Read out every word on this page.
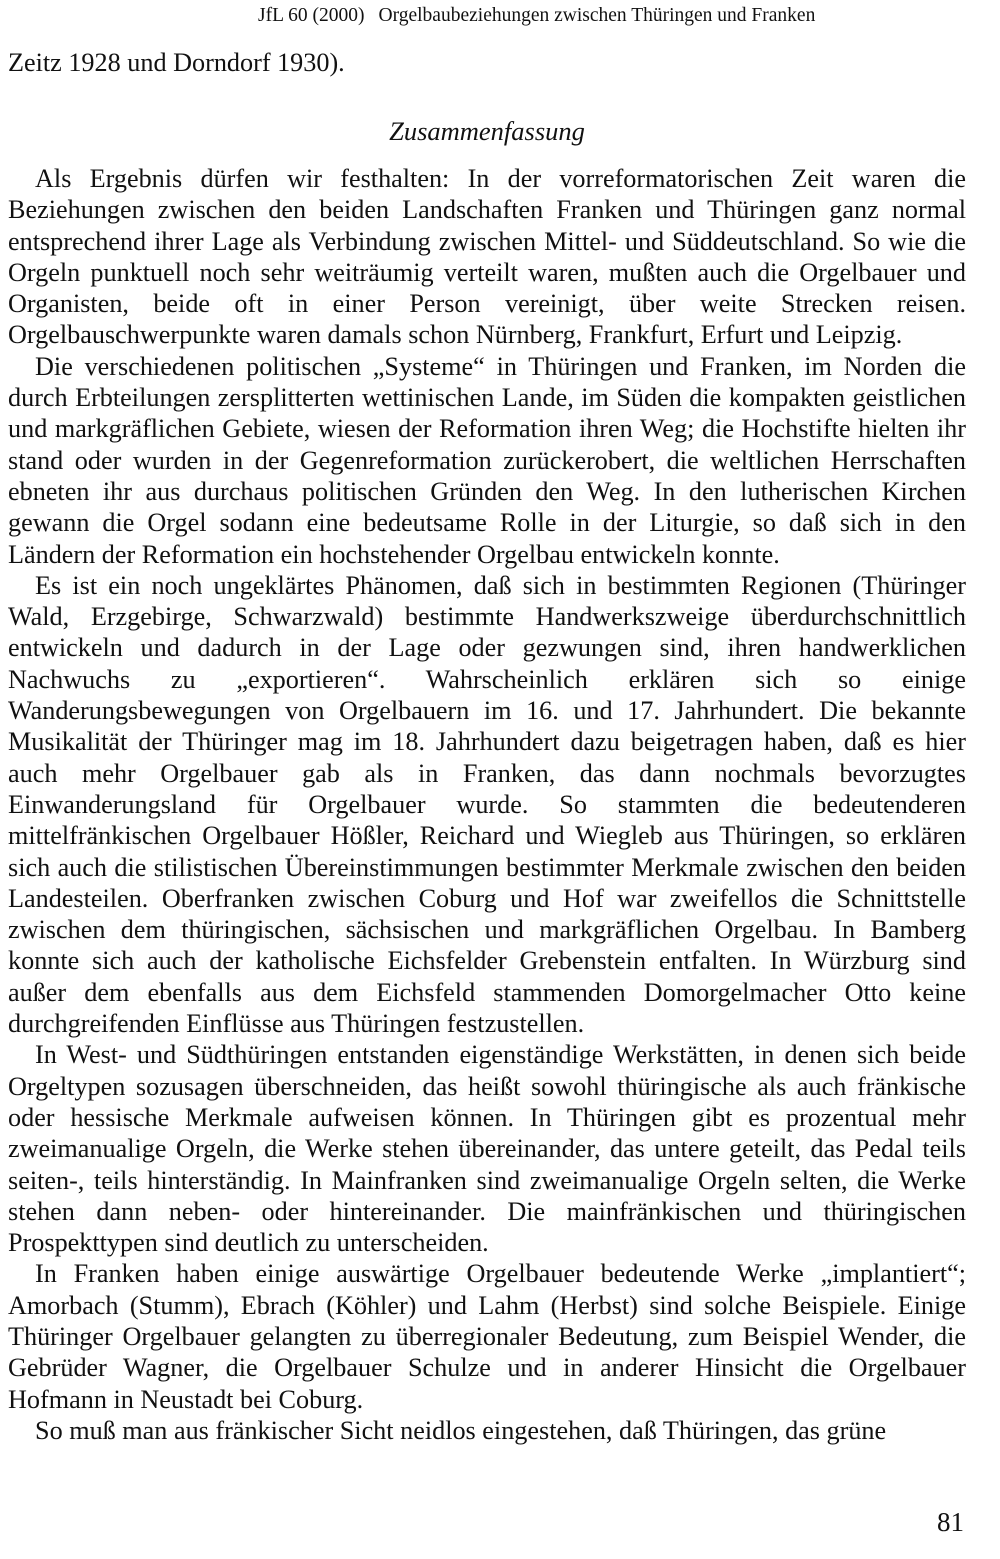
JfL 60 (2000) Orgelbaubeziehungen zwischen Thüringen und Franken
Zeitz 1928 und Dorndorf 1930).
Zusammenfassung

Als Ergebnis dürfen wir festhalten: In der vorreformatorischen Zeit waren die Beziehungen zwischen den beiden Landschaften Franken und Thüringen ganz normal entsprechend ihrer Lage als Verbindung zwischen Mittel- und Süddeutschland. So wie die Orgeln punktuell noch sehr weiträumig verteilt waren, mußten auch die Orgelbauer und Organisten, beide oft in einer Person vereinigt, über weite Strecken reisen. Orgelbauschwerpunkte waren damals schon Nürnberg, Frankfurt, Erfurt und Leipzig.

Die verschiedenen politischen „Systeme“ in Thüringen und Franken, im Norden die durch Erbteilungen zersplitterten wettinischen Lande, im Süden die kompakten geistlichen und markgräflichen Gebiete, wiesen der Reformation ihren Weg; die Hochstifte hielten ihr stand oder wurden in der Gegenreformation zurückerobert, die weltlichen Herrschaften ebneten ihr aus durchaus politischen Gründen den Weg. In den lutherischen Kirchen gewann die Orgel sodann eine bedeutsame Rolle in der Liturgie, so daß sich in den Ländern der Reformation ein hochstehender Orgelbau entwickeln konnte.

Es ist ein noch ungeklärtes Phänomen, daß sich in bestimmten Regionen (Thüringer Wald, Erzgebirge, Schwarzwald) bestimmte Handwerkszweige überdurchschnittlich entwickeln und dadurch in der Lage oder gezwungen sind, ihren handwerklichen Nachwuchs zu „exportieren“. Wahrscheinlich erklären sich so einige Wanderungsbewegungen von Orgelbauern im 16. und 17. Jahrhundert. Die bekannte Musikalität der Thüringer mag im 18. Jahrhundert dazu beigetragen haben, daß es hier auch mehr Orgelbauer gab als in Franken, das dann nochmals bevorzugtes Einwanderungsland für Orgelbauer wurde. So stammten die bedeutenderen mittelfränkischen Orgelbauer Hößler, Reichard und Wiegleb aus Thüringen, so erklären sich auch die stilistischen Übereinstimmungen bestimmter Merkmale zwischen den beiden Landesteilen. Oberfranken zwischen Coburg und Hof war zweifellos die Schnittstelle zwischen dem thüringischen, sächsischen und markgräflichen Orgelbau. In Bamberg konnte sich auch der katholische Eichsfelder Grebenstein entfalten. In Würzburg sind außer dem ebenfalls aus dem Eichsfeld stammenden Domorgelmacher Otto keine durchgreifenden Einflüsse aus Thüringen festzustellen.

In West- und Südthüringen entstanden eigenständige Werkstätten, in denen sich beide Orgeltypen sozusagen überschneiden, das heißt sowohl thüringische als auch fränkische oder hessische Merkmale aufweisen können. In Thüringen gibt es prozentual mehr zweimanualige Orgeln, die Werke stehen übereinander, das untere geteilt, das Pedal teils seiten-, teils hinterständig. In Mainfranken sind zweimanualige Orgeln selten, die Werke stehen dann neben- oder hintereinander. Die mainfränkischen und thüringischen Prospekttypen sind deutlich zu unterscheiden.

In Franken haben einige auswärtige Orgelbauer bedeutende Werke „implantiert“; Amorbach (Stumm), Ebrach (Köhler) und Lahm (Herbst) sind solche Beispiele. Einige Thüringer Orgelbauer gelangten zu überregionaler Bedeutung, zum Beispiel Wender, die Gebrüder Wagner, die Orgelbauer Schulze und in anderer Hinsicht die Orgelbauer Hofmann in Neustadt bei Coburg.

So muß man aus fränkischer Sicht neidlos eingestehen, daß Thüringen, das grüne

81
